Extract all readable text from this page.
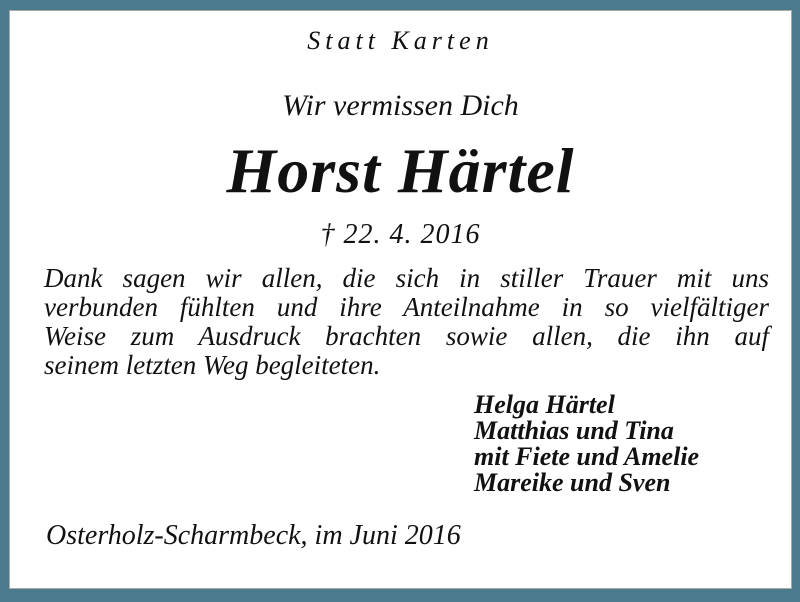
Statt Karten
Wir vermissen Dich
Horst Härtel
† 22. 4. 2016
Dank sagen wir allen, die sich in stiller Trauer mit uns
verbunden fühlten und ihre Anteilnahme in so vielfältiger
Weise zum Ausdruck brachten sowie allen, die ihn auf
seinem letzten Weg begleiteten.
Helga Härtel
Matthias und Tina
mit Fiete und Amelie
Mareike und Sven
Osterholz-Scharmbeck, im Juni 2016
